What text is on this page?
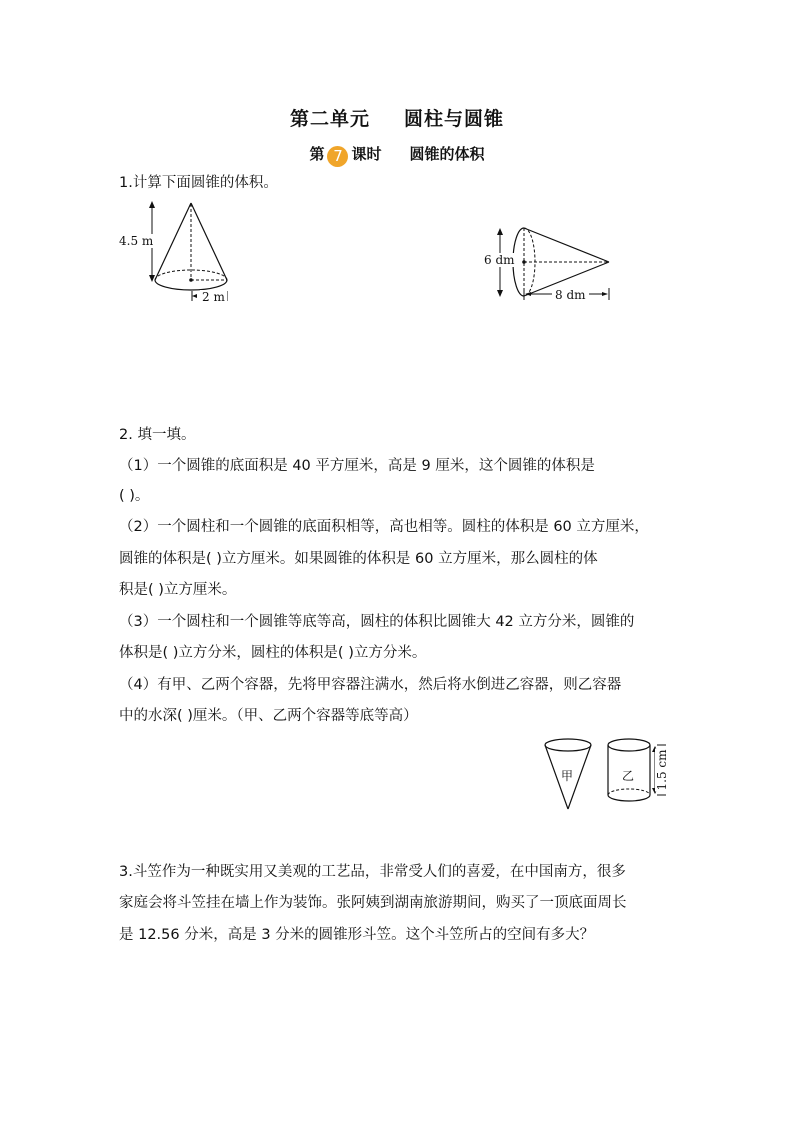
第二单元 圆柱与圆锥
第 7 课时 圆锥的体积
1.计算下面圆锥的体积。
4.5 m
2 m
6 dm
8 dm
2. 填一填。
（1）一个圆锥的底面积是 40 平方厘米，高是 9 厘米，这个圆锥的体积是
( )。
（2）一个圆柱和一个圆锥的底面积相等，高也相等。圆柱的体积是 60 立方厘米，
圆锥的体积是( )立方厘米。如果圆锥的体积是 60 立方厘米，那么圆柱的体
积是( )立方厘米。
（3）一个圆柱和一个圆锥等底等高，圆柱的体积比圆锥大 42 立方分米，圆锥的
体积是( )立方分米，圆柱的体积是( )立方分米。
（4）有甲、乙两个容器，先将甲容器注满水，然后将水倒进乙容器，则乙容器
中的水深( )厘米。（甲、乙两个容器等底等高）
甲	乙 1.5 cm
3.斗笠作为一种既实用又美观的工艺品，非常受人们的喜爱，在中国南方，很多
家庭会将斗笠挂在墙上作为装饰。张阿姨到湖南旅游期间，购买了一顶底面周长
是 12.56 分米，高是 3 分米的圆锥形斗笠。这个斗笠所占的空间有多大？
